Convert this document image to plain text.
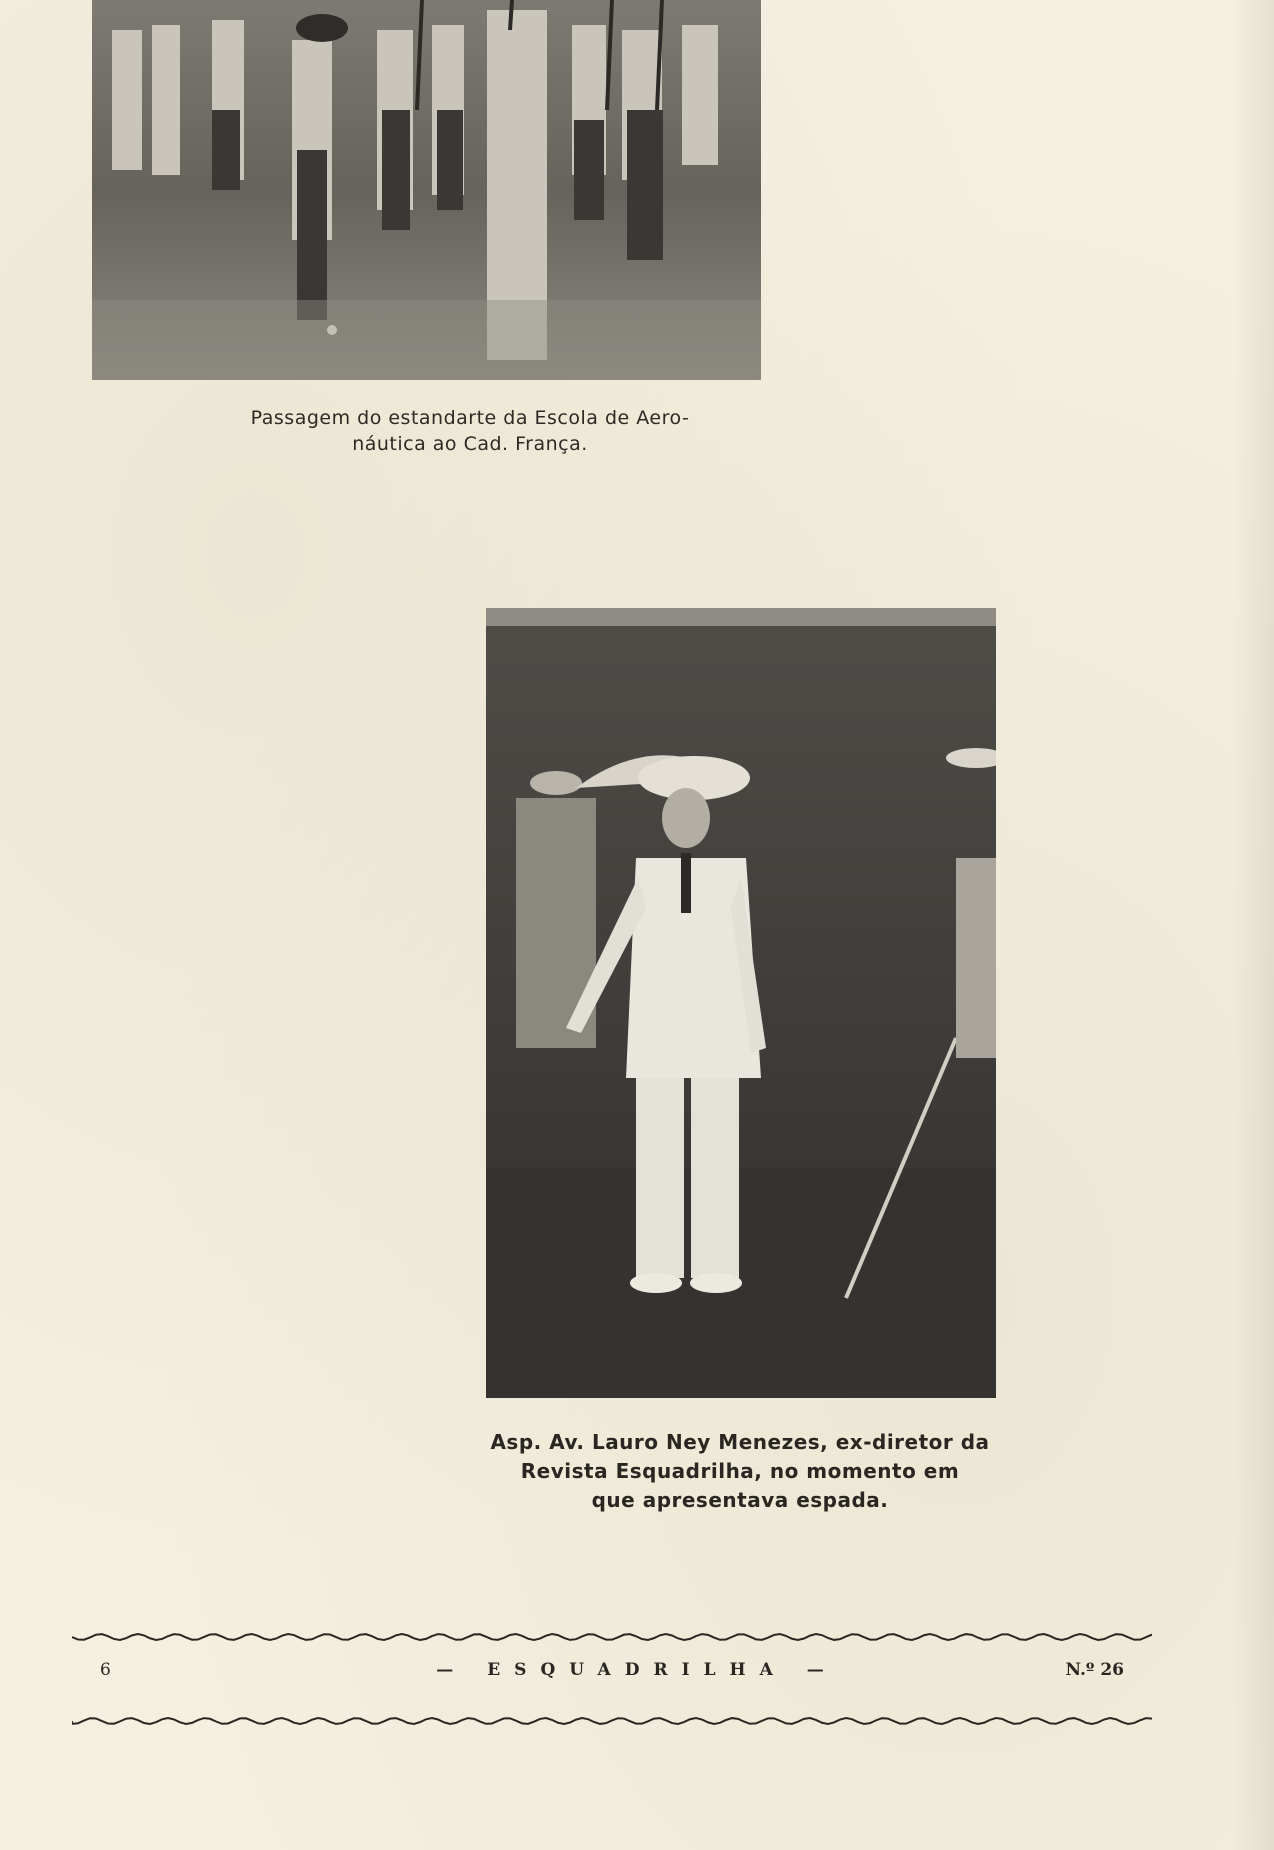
Passagem do estandarte da Escola de Aero-
náutica ao Cad. França.
Asp. Av. Lauro Ney Menezes, ex-diretor da
Revista Esquadrilha, no momento em
que apresentava espada.
6	— ESQUADRILHA —	N.º 26
